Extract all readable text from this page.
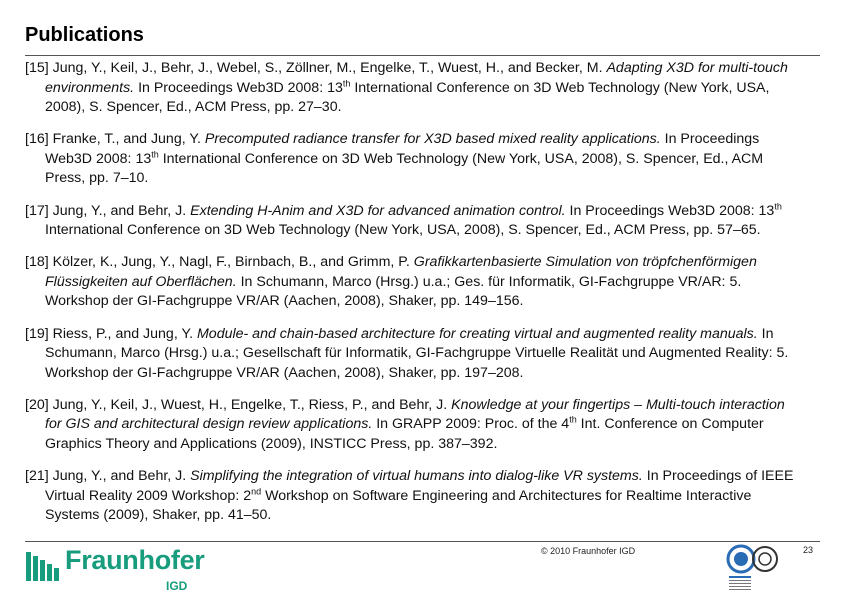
Publications
[15] Jung, Y., Keil, J., Behr, J., Webel, S., Zöllner, M., Engelke, T., Wuest, H., and Becker, M. Adapting X3D for multi-touch environments. In Proceedings Web3D 2008: 13th International Conference on 3D Web Technology (New York, USA, 2008), S. Spencer, Ed., ACM Press, pp. 27–30.
[16] Franke, T., and Jung, Y. Precomputed radiance transfer for X3D based mixed reality applications. In Proceedings Web3D 2008: 13th International Conference on 3D Web Technology (New York, USA, 2008), S. Spencer, Ed., ACM Press, pp. 7–10.
[17] Jung, Y., and Behr, J. Extending H-Anim and X3D for advanced animation control. In Proceedings Web3D 2008: 13th International Conference on 3D Web Technology (New York, USA, 2008), S. Spencer, Ed., ACM Press, pp. 57–65.
[18] Kölzer, K., Jung, Y., Nagl, F., Birnbach, B., and Grimm, P. Grafikkartenbasierte Simulation von tröpfchenförmigen Flüssigkeiten auf Oberflächen. In Schumann, Marco (Hrsg.) u.a.; Ges. für Informatik, GI-Fachgruppe VR/AR: 5. Workshop der GI-Fachgruppe VR/AR (Aachen, 2008), Shaker, pp. 149–156.
[19] Riess, P., and Jung, Y. Module- and chain-based architecture for creating virtual and augmented reality manuals. In Schumann, Marco (Hrsg.) u.a.; Gesellschaft für Informatik, GI-Fachgruppe Virtuelle Realität und Augmented Reality: 5. Workshop der GI-Fachgruppe VR/AR (Aachen, 2008), Shaker, pp. 197–208.
[20] Jung, Y., Keil, J., Wuest, H., Engelke, T., Riess, P., and Behr, J. Knowledge at your fingertips – Multi-touch interaction for GIS and architectural design review applications. In GRAPP 2009: Proc. of the 4th Int. Conference on Computer Graphics Theory and Applications (2009), INSTICC Press, pp. 387–392.
[21] Jung, Y., and Behr, J. Simplifying the integration of virtual humans into dialog-like VR systems. In Proceedings of IEEE Virtual Reality 2009 Workshop: 2nd Workshop on Software Engineering and Architectures for Realtime Interactive Systems (2009), Shaker, pp. 41–50.
Fraunhofer
IGD
© 2010 Fraunhofer IGD	23
